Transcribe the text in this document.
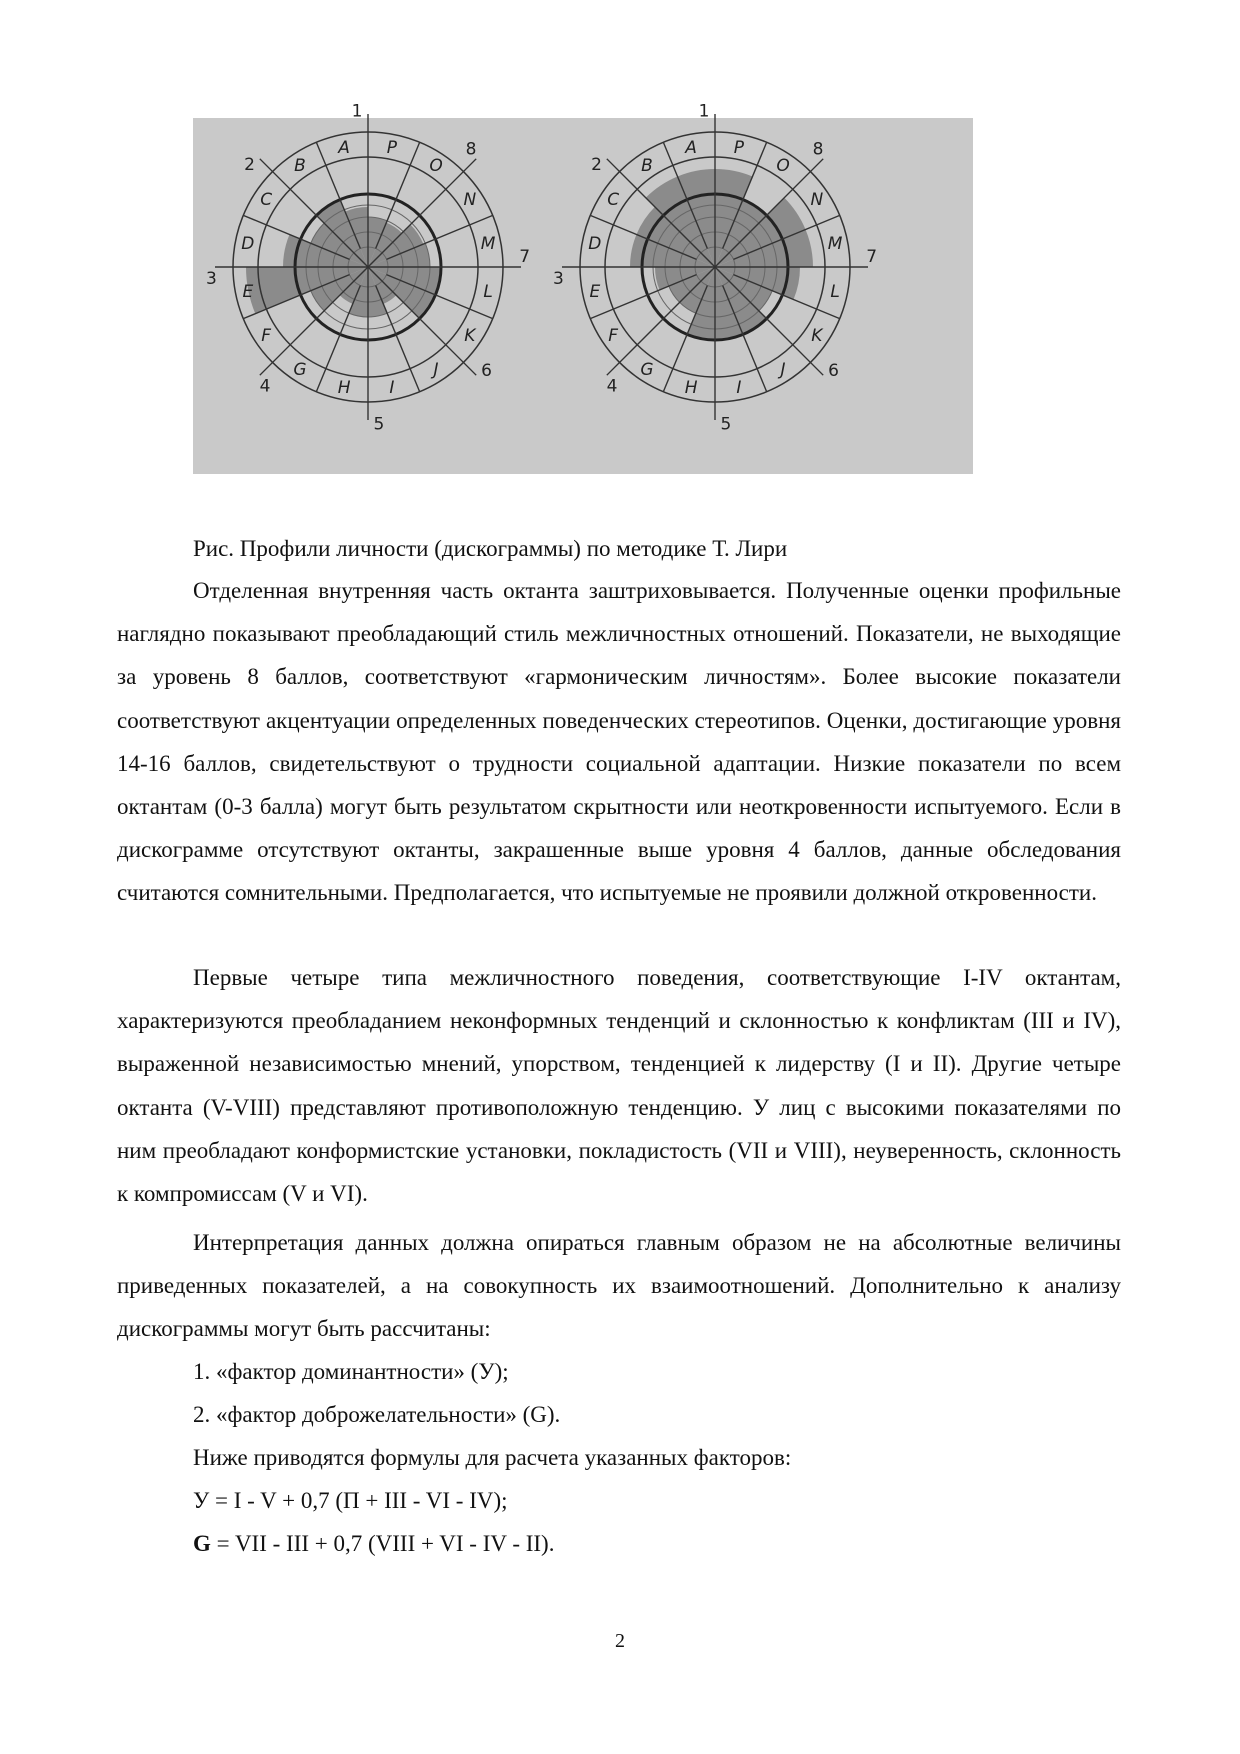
A
B
C
D
E
F
G
H I
J
K
L
M
N
O
P
1
2
3
4
5
6
7
8	A
B
C
D
E
F
G
H I
J
K
L
M
N
O
P
1
2
3
4
5
6
7
8
Рис. Профили личности (дискограммы) по методике Т. Лири

Отделенная внутренняя часть октанта заштриховывается. Полученные оценки профильные наглядно показывают преобладающий стиль межличностных отношений. Показатели, не выходящие за уровень 8 баллов, соответствуют «гармоническим личностям». Более высокие показатели соответствуют акцентуации определенных поведенческих стереотипов. Оценки, достигающие уровня 14-16 баллов, свидетельствуют о трудности социальной адаптации. Низкие показатели по всем октантам (0-3 балла) могут быть результатом скрытности или неоткровенности испытуемого. Если в дискограмме отсутствуют октанты, закрашенные выше уровня 4 баллов, данные обследования считаются сомнительными. Предполагается, что испытуемые не проявили должной откровенности.

Первые четыре типа межличностного поведения, соответствующие I-IV октантам, характеризуются преобладанием неконформных тенденций и склонностью к конфликтам (III и IV), выраженной независимостью мнений, упорством, тенденцией к лидерству (I и II). Другие четыре октанта (V-VIII) представляют противоположную тенденцию. У лиц с высокими показателями по ним преобладают конформистские установки, покладистость (VII и VIII), неуверенность, склонность к компромиссам (V и VI).

Интерпретация данных должна опираться главным образом не на абсолютные величины приведенных показателей, а на совокупность их взаимоотношений. Дополнительно к анализу дискограммы могут быть рассчитаны:

1. «фактор доминантности» (У);

2. «фактор доброжелательности» (G).

Ниже приводятся формулы для расчета указанных факторов:

У = I - V + 0,7 (П + III - VI - IV);

G = VII - III + 0,7 (VIII + VI - IV - II).

2
